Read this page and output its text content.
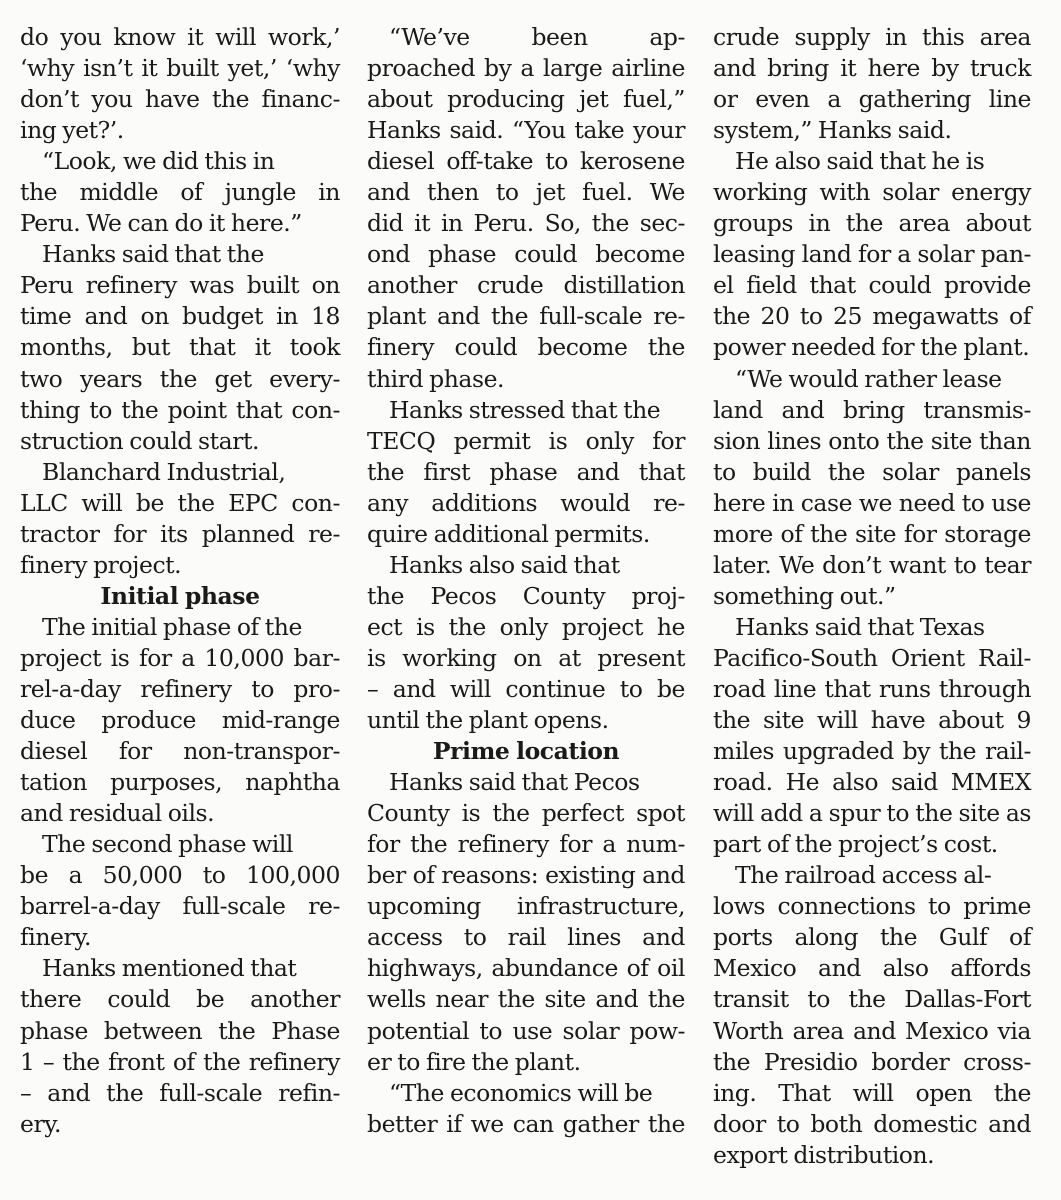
do you know it will work,’
‘why isn’t it built yet,’ ‘why
don’t you have the financ-
ing yet?’.
“Look, we did this in
the middle of jungle in
Peru. We can do it here.”
Hanks said that the
Peru refinery was built on
time and on budget in 18
months, but that it took
two years the get every-
thing to the point that con-
struction could start.
Blanchard Industrial,
LLC will be the EPC con-
tractor for its planned re-
finery project.
Initial phase
The initial phase of the
project is for a 10,000 bar-
rel-a-day refinery to pro-
duce produce mid-range
diesel for non-transpor-
tation purposes, naphtha
and residual oils.
The second phase will
be a 50,000 to 100,000
barrel-a-day full-scale re-
finery.
Hanks mentioned that
there could be another
phase between the Phase
1 – the front of the refinery
– and the full-scale refin-
ery.
“We’ve been ap-
proached by a large airline
about producing jet fuel,”
Hanks said. “You take your
diesel off-take to kerosene
and then to jet fuel. We
did it in Peru. So, the sec-
ond phase could become
another crude distillation
plant and the full-scale re-
finery could become the
third phase.
Hanks stressed that the
TECQ permit is only for
the first phase and that
any additions would re-
quire additional permits.
Hanks also said that
the Pecos County proj-
ect is the only project he
is working on at present
– and will continue to be
until the plant opens.
Prime location
Hanks said that Pecos
County is the perfect spot
for the refinery for a num-
ber of reasons: existing and
upcoming infrastructure,
access to rail lines and
highways, abundance of oil
wells near the site and the
potential to use solar pow-
er to fire the plant.
“The economics will be
better if we can gather the
crude supply in this area
and bring it here by truck
or even a gathering line
system,” Hanks said.
He also said that he is
working with solar energy
groups in the area about
leasing land for a solar pan-
el field that could provide
the 20 to 25 megawatts of
power needed for the plant.
“We would rather lease
land and bring transmis-
sion lines onto the site than
to build the solar panels
here in case we need to use
more of the site for storage
later. We don’t want to tear
something out.”
Hanks said that Texas
Pacifico-South Orient Rail-
road line that runs through
the site will have about 9
miles upgraded by the rail-
road. He also said MMEX
will add a spur to the site as
part of the project’s cost.
The railroad access al-
lows connections to prime
ports along the Gulf of
Mexico and also affords
transit to the Dallas-Fort
Worth area and Mexico via
the Presidio border cross-
ing. That will open the
door to both domestic and
export distribution.
